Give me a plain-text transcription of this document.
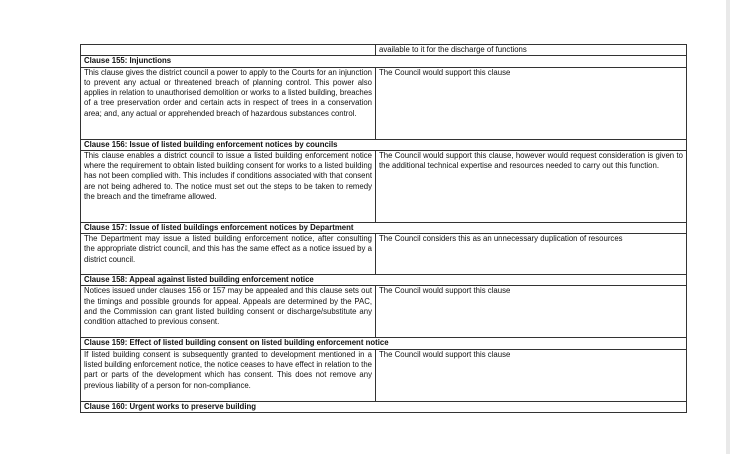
	available to it for the discharge of functions
Clause 155: Injunctions	
This clause gives the district council a power to apply to the Courts for an injunction to prevent any actual or threatened breach of planning control. This power also applies in relation to unauthorised demolition or works to a listed building, breaches of a tree preservation order and certain acts in respect of trees in a conservation area; and, any actual or apprehended breach of hazardous substances control.	The Council would support this clause
Clause 156: Issue of listed building enforcement notices by councils	
This clause enables a district council to issue a listed building enforcement notice where the requirement to obtain listed building consent for works to a listed building has not been complied with. This includes if conditions associated with that consent are not being adhered to. The notice must set out the steps to be taken to remedy the breach and the timeframe allowed.	The Council would support this clause, however would request consideration is given to the additional technical expertise and resources needed to carry out this function.
Clause 157: Issue of listed buildings enforcement notices by Department	
The Department may issue a listed building enforcement notice, after consulting the appropriate district council, and this has the same effect as a notice issued by a district council.	The Council considers this as an unnecessary duplication of resources
Clause 158: Appeal against listed building enforcement notice	
Notices issued under clauses 156 or 157 may be appealed and this clause sets out the timings and possible grounds for appeal. Appeals are determined by the PAC, and the Commission can grant listed building consent or discharge/substitute any condition attached to previous consent.	The Council would support this clause
Clause 159: Effect of listed building consent on listed building enforcement notice	
If listed building consent is subsequently granted to development mentioned in a listed building enforcement notice, the notice ceases to have effect in relation to the part or parts of the development which has consent. This does not remove any previous liability of a person for non-compliance.	The Council would support this clause
Clause 160: Urgent works to preserve building	
